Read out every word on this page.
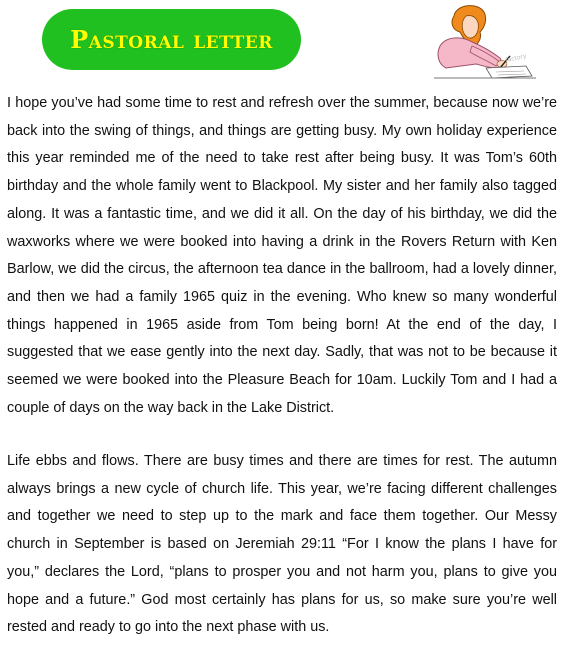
Pastoral letter
factory

I hope you’ve had some time to rest and refresh over the summer, because now we’re back into the swing of things, and things are getting busy. My own holiday experience this year reminded me of the need to take rest after being busy. It was Tom’s 60th birthday and the whole family went to Blackpool. My sister and her family also tagged along. It was a fantastic time, and we did it all. On the day of his birthday, we did the waxworks where we were booked into having a drink in the Rovers Return with Ken Barlow, we did the circus, the afternoon tea dance in the ballroom, had a lovely dinner, and then we had a family 1965 quiz in the evening. Who knew so many wonderful things happened in 1965 aside from Tom being born! At the end of the day, I suggested that we ease gently into the next day. Sadly, that was not to be because it seemed we were booked into the Pleasure Beach for 10am. Luckily Tom and I had a couple of days on the way back in the Lake District.

Life ebbs and flows. There are busy times and there are times for rest. The autumn always brings a new cycle of church life. This year, we’re facing different challenges and together we need to step up to the mark and face them together. Our Messy church in September is based on Jeremiah 29:11 “For I know the plans I have for you,” declares the Lord, “plans to prosper you and not harm you, plans to give you hope and a future.” God most certainly has plans for us, so make sure you’re well rested and ready to go into the next phase with us.
